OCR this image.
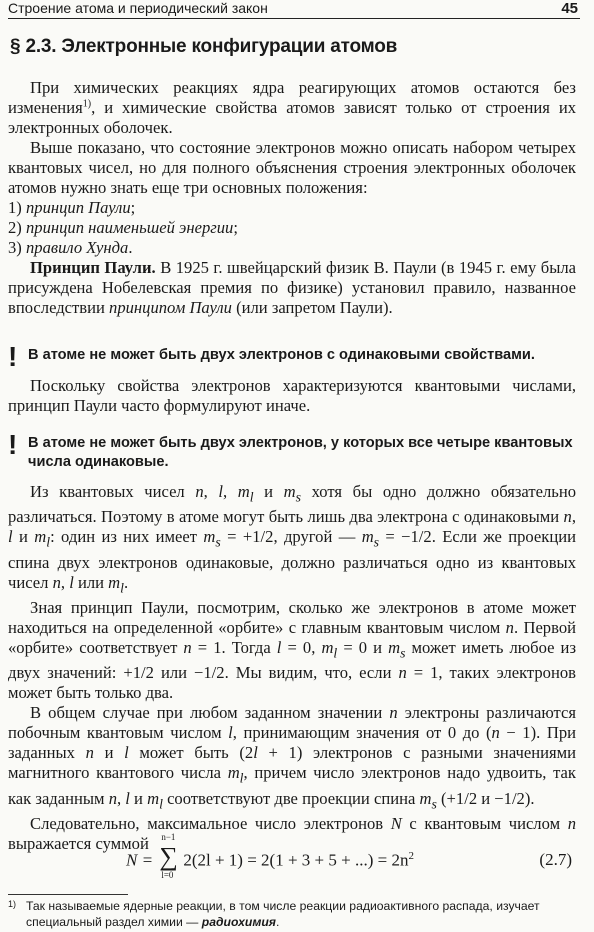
Строение атома и периодический закон	45
§ 2.3. Электронные конфигурации атомов

При химических реакциях ядра реагирующих атомов остаются без изменения$^{1)}$, и химические свойства атомов зависят только от строения их электронных оболочек.

Выше показано, что состояние электронов можно описать набором четырех квантовых чисел, но для полного объяснения строения электронных оболочек атомов нужно знать еще три основных положения:

1) принцип Паули;
2) принцип наименьшей энергии;
3) правило Хунда.

Принцип Паули. В 1925 г. швейцарский физик В. Паули (в 1945 г. ему была присуждена Нобелевская премия по физике) установил правило, названное впоследствии принципом Паули (или запретом Паули).

! В атоме не может быть двух электронов с одинаковыми свойствами.

Поскольку свойства электронов характеризуются квантовыми числами, принцип Паули часто формулируют иначе.

! В атоме не может быть двух электронов, у которых все четыре квантовых числа одинаковые.

Из квантовых чисел n, l, $m_l$ и $m_s$ хотя бы одно должно обязательно различаться. Поэтому в атоме могут быть лишь два электрона с одинаковыми n, l и $m_l$: один из них имеет $m_s = +1/2$, другой — $m_s = -1/2$. Если же проекции спина двух электронов одинаковые, должно различаться одно из квантовых чисел n, l или $m_l$.

Зная принцип Паули, посмотрим, сколько же электронов в атоме может находиться на определенной «орбите» с главным квантовым числом n. Первой «орбите» соответствует n = 1. Тогда l = 0, $m_l = 0$ и $m_s$ может иметь любое из двух значений: +1/2 или −1/2. Мы видим, что, если n = 1, таких электронов может быть только два.

В общем случае при любом заданном значении n электроны различаются побочным квантовым числом l, принимающим значения от 0 до (n − 1). При заданных n и l может быть (2l + 1) электронов с разными значениями магнитного квантового числа $m_l$, причем число электронов надо удвоить, так как заданным n, l и $m_l$ соответствуют две проекции спина $m_s$ (+1/2 и −1/2).

Следовательно, максимальное число электронов N с квантовым числом n выражается суммой

N =
n−1
∑
l=0
2(2l + 1) = 2(1 + 3 + 5 + ...) = $2n^2$	(2.7)
1) Так называемые ядерные реакции, в том числе реакции радиоактивного распада, изучает специальный раздел химии — радиохимия.
